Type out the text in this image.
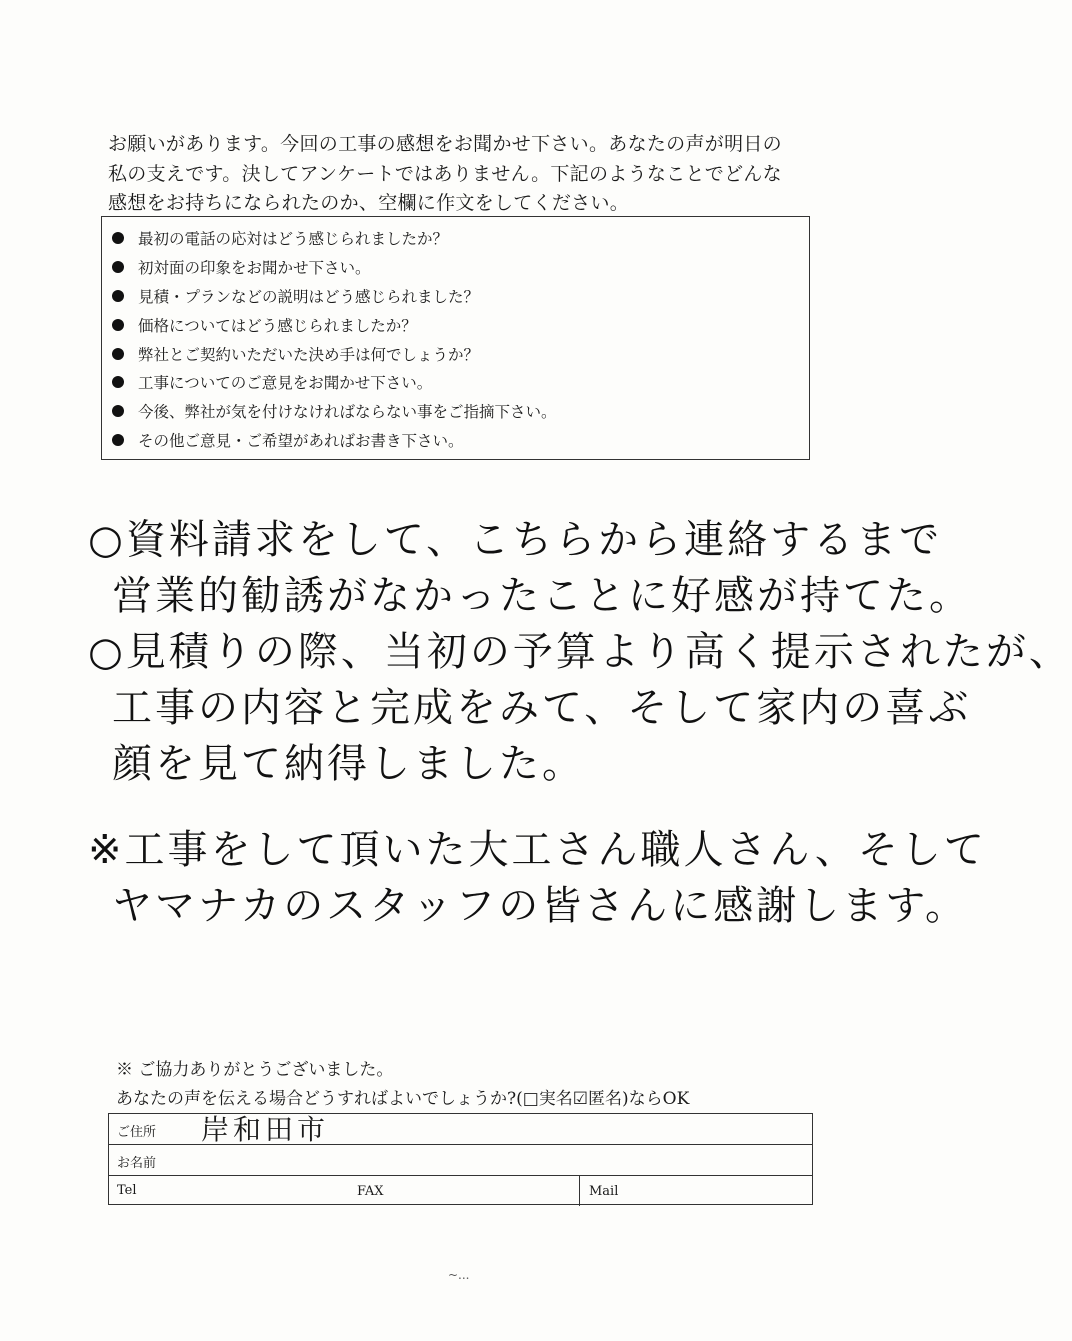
お願いがあります。今回の工事の感想をお聞かせ下さい。あなたの声が明日の

私の支えです。決してアンケートではありません。下記のようなことでどんな

感想をお持ちになられたのか、空欄に作文をしてください。

最初の電話の応対はどう感じられましたか？
初対面の印象をお聞かせ下さい。
見積・プランなどの説明はどう感じられました？
価格についてはどう感じられましたか？
弊社とご契約いただいた決め手は何でしょうか？
工事についてのご意見をお聞かせ下さい。
今後、弊社が気を付けなければならない事をご指摘下さい。
その他ご意見・ご希望があればお書き下さい。

○資料請求をして、こちらから連絡するまで

営業的勧誘がなかったことに好感が持てた。

○見積りの際、当初の予算より高く提示されたが、

工事の内容と完成をみて、そして家内の喜ぶ

顔を見て納得しました。

※工事をして頂いた大工さん職人さん、そして

ヤマナカのスタッフの皆さんに感謝します。

※ ご協力ありがとうございました。

あなたの声を伝える場合どうすればよいでしょうか?(□実名☑匿名)ならOK

ご住所 岸和田市
お名前
Tel	FAX	Mail
~...
